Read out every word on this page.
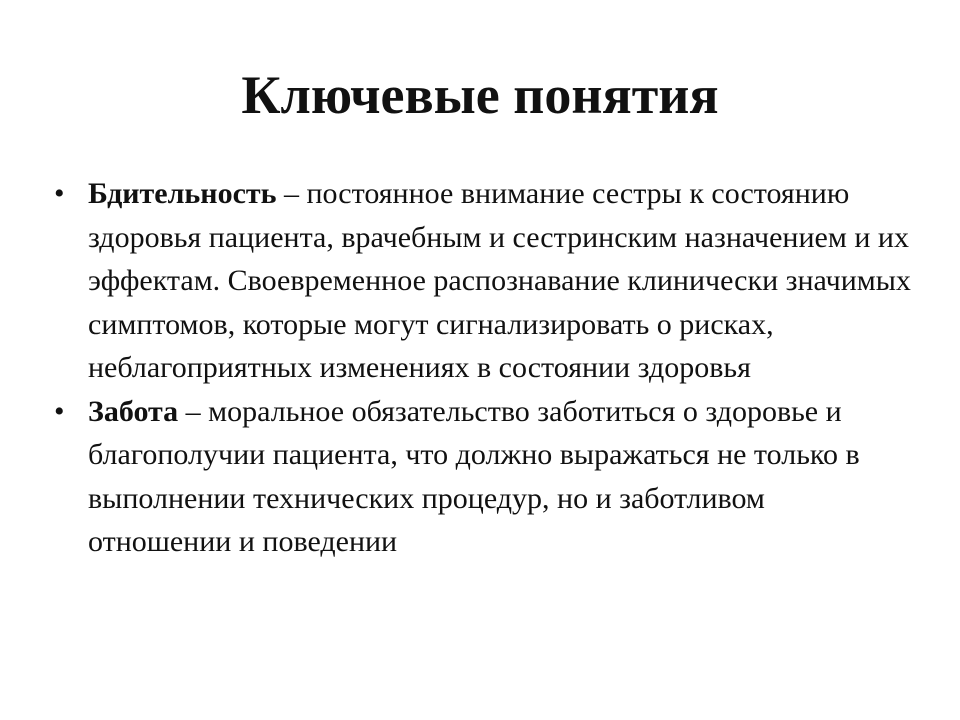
Ключевые понятия
• Бдительность – постоянное внимание сестры к состоянию здоровья пациента, врачебным и сестринским назначением и их эффектам. Своевременное распознавание клинически значимых симптомов, которые могут сигнализировать о рисках, неблагоприятных изменениях в состоянии здоровья
• Забота – моральное обязательство заботиться о здоровье и благополучии пациента, что должно выражаться не только в выполнении технических процедур, но и заботливом отношении и поведении
